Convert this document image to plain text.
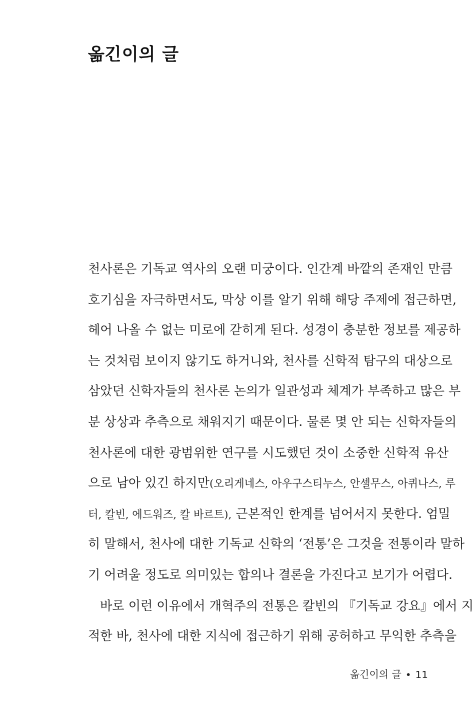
옮긴이의 글
천사론은 기독교 역사의 오랜 미궁이다. 인간계 바깥의 존재인 만큼
호기심을 자극하면서도, 막상 이를 알기 위해 해당 주제에 접근하면,
헤어 나올 수 없는 미로에 갇히게 된다. 성경이 충분한 정보를 제공하
는 것처럼 보이지 않기도 하거니와, 천사를 신학적 탐구의 대상으로
삼았던 신학자들의 천사론 논의가 일관성과 체계가 부족하고 많은 부
분 상상과 추측으로 채워지기 때문이다. 물론 몇 안 되는 신학자들의
천사론에 대한 광범위한 연구를 시도했던 것이 소중한 신학적 유산
으로 남아 있긴 하지만(오리게네스, 아우구스티누스, 안셀무스, 아퀴나스, 루
터, 칼빈, 에드워즈, 칼 바르트), 근본적인 한계를 넘어서지 못한다. 엄밀
히 말해서, 천사에 대한 기독교 신학의 ‘전통’은 그것을 전통이라 말하
기 어려울 정도로 의미있는 합의나 결론을 가진다고 보기가 어렵다.
바로 이런 이유에서 개혁주의 전통은 칼빈의 『기독교 강요』에서 지
적한 바, 천사에 대한 지식에 접근하기 위해 공허하고 무익한 추측을
옮긴이의 글 • 11
